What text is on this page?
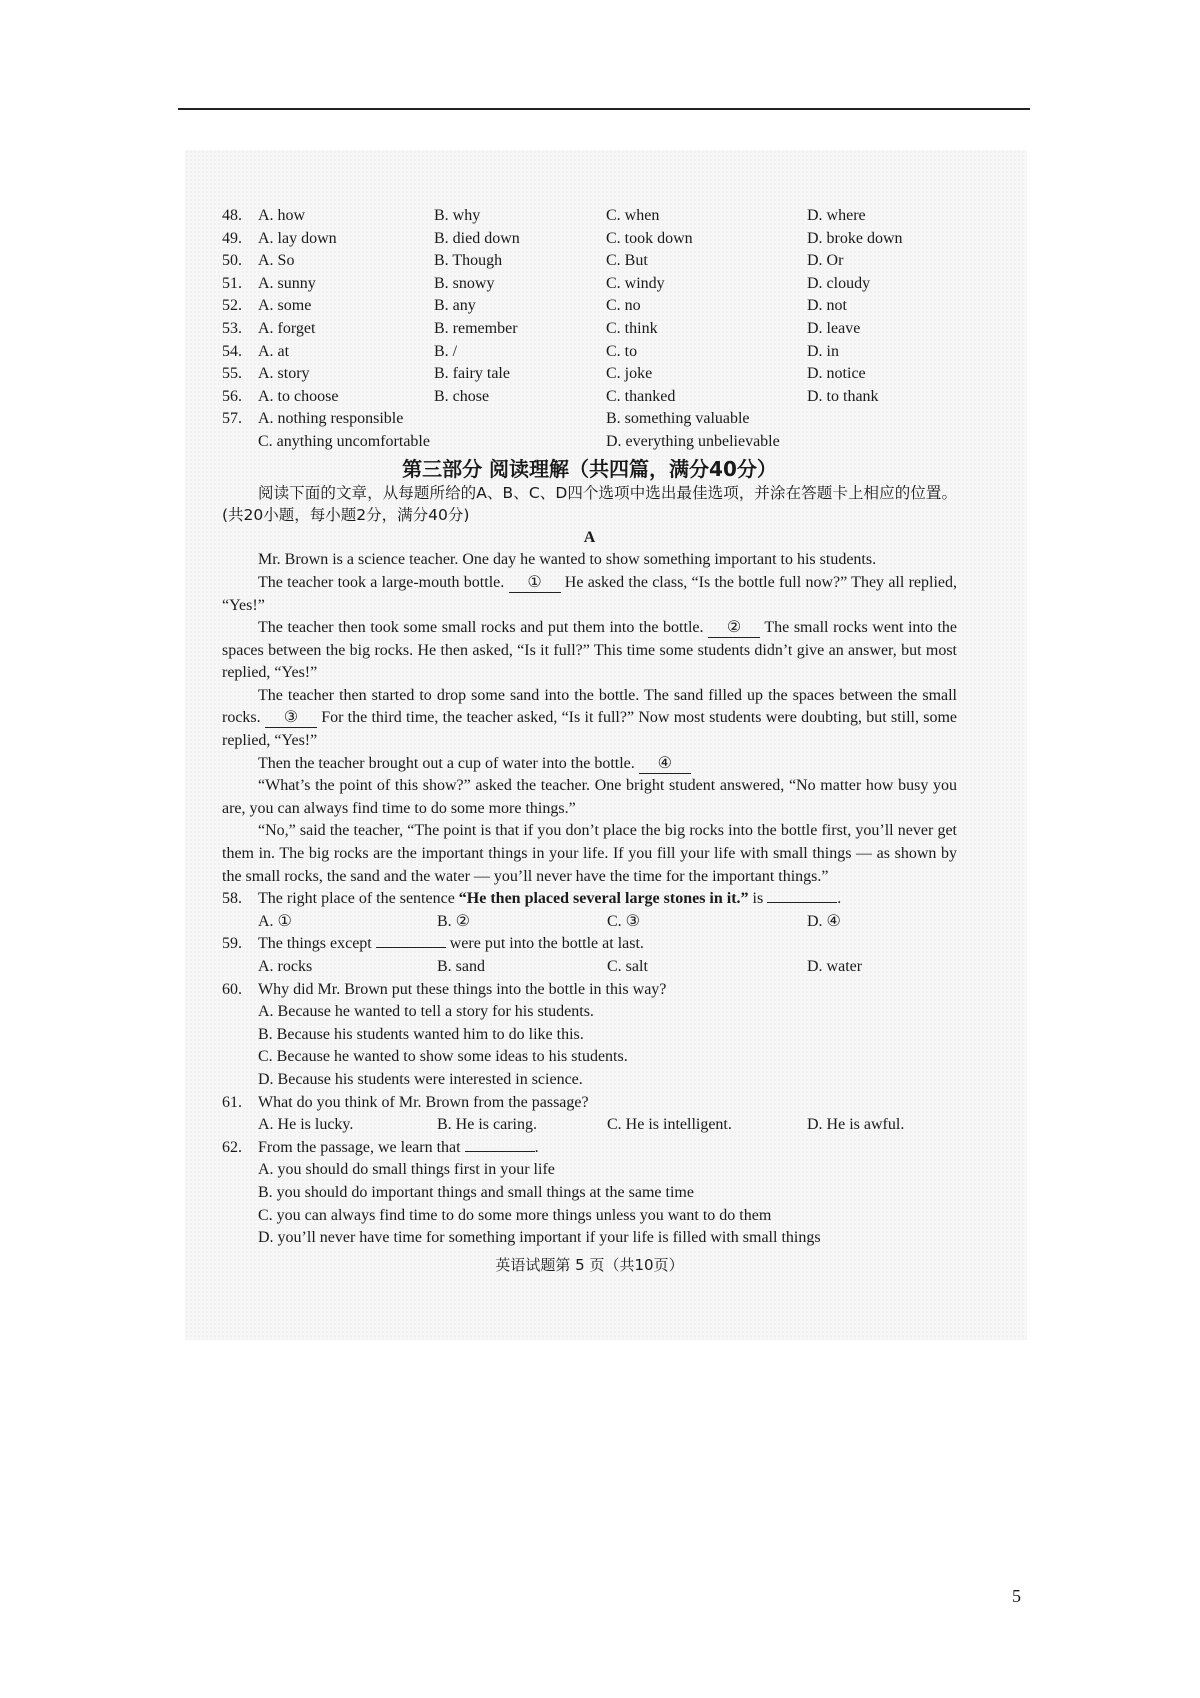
48. A. how	B. why	C. when	D. where
49. A. lay down	B. died down	C. took down	D. broke down
50. A. So	B. Though	C. But	D. Or
51. A. sunny	B. snowy	C. windy	D. cloudy
52. A. some	B. any	C. no	D. not
53. A. forget	B. remember	C. think	D. leave
54. A. at	B. /	C. to	D. in
55. A. story	B. fairy tale	C. joke	D. notice
56. A. to choose	B. chose	C. thanked	D. to thank
57. A. nothing responsible	B. something valuable
C. anything uncomfortable	D. everything unbelievable
第三部分 阅读理解（共四篇，满分40分）

阅读下面的文章，从每题所给的A、B、C、D四个选项中选出最佳选项，并涂在答题卡上相应的位置。(共20小题，每小题2分，满分40分)

A

Mr. Brown is a science teacher. One day he wanted to show something important to his students.

The teacher took a large-mouth bottle. ① He asked the class, “Is the bottle full now?” They all replied, “Yes!”

The teacher then took some small rocks and put them into the bottle. ② The small rocks went into the spaces between the big rocks. He then asked, “Is it full?” This time some students didn’t give an answer, but most replied, “Yes!”

The teacher then started to drop some sand into the bottle. The sand filled up the spaces between the small rocks. ③ For the third time, the teacher asked, “Is it full?” Now most students were doubting, but still, some replied, “Yes!”

Then the teacher brought out a cup of water into the bottle. ④

“What’s the point of this show?” asked the teacher. One bright student answered, “No matter how busy you are, you can always find time to do some more things.”

“No,” said the teacher, “The point is that if you don’t place the big rocks into the bottle first, you’ll never get them in. The big rocks are the important things in your life. If you fill your life with small things — as shown by the small rocks, the sand and the water — you’ll never have the time for the important things.”

58. The right place of the sentence “He then placed several large stones in it.” is	.
A. ①	B. ②	C. ③	D. ④
59. The things except	were put into the bottle at last.
A. rocks	B. sand	C. salt	D. water
60. Why did Mr. Brown put these things into the bottle in this way?
A. Because he wanted to tell a story for his students.
B. Because his students wanted him to do like this.
C. Because he wanted to show some ideas to his students.
D. Because his students were interested in science.
61. What do you think of Mr. Brown from the passage?
A. He is lucky.	B. He is caring.	C. He is intelligent.	D. He is awful.
62. From the passage, we learn that	.
A. you should do small things first in your life
B. you should do important things and small things at the same time
C. you can always find time to do some more things unless you want to do them
D. you’ll never have time for something important if your life is filled with small things
英语试题第 5 页（共10页）
5
